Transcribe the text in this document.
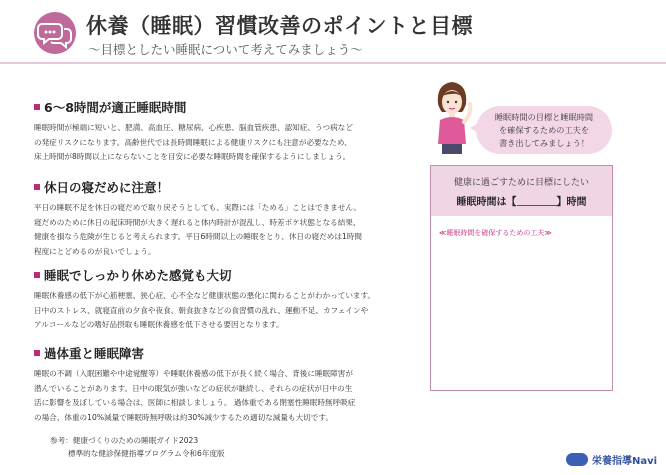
休養（睡眠）習慣改善のポイントと目標
〜目標としたい睡眠について考えてみましょう〜
6〜8時間が適正睡眠時間

睡眠時間が極端に短いと、肥満、高血圧、糖尿病、心疾患、脳血管疾患、認知症、うつ病など

の発症リスクになります。高齢世代では長時間睡眠による健康リスクにも注意が必要なため、

床上時間が8時間以上にならないことを目安に必要な睡眠時間を確保するようにしましょう。

休日の寝だめに注意！

平日の睡眠不足を休日の寝だめで取り戻そうとしても、実際には「ためる」ことはできません。

寝だめのために休日の起床時間が大きく遅れると体内時計が混乱し、時差ボケ状態となる結果、

健康を損なう危険が生じると考えられます。平日6時間以上の睡眠をとり、休日の寝だめは1時間

程度にとどめるのが良いでしょう。

睡眠でしっかり休めた感覚も大切

睡眠休養感の低下が心筋梗塞、狭心症、心不全など健康状態の悪化に関わることがわかっています。

日中のストレス、就寝直前の夕食や夜食、朝食抜きなどの食習慣の乱れ、運動不足、カフェインや

アルコールなどの嗜好品摂取も睡眠休養感を低下させる要因となります。

過体重と睡眠障害

睡眠の不調（入眠困難や中途覚醒等）や睡眠休養感の低下が長く続く場合、背後に睡眠障害が

潜んでいることがあります。日中の眠気が強いなどの症状が継続し、それらの症状が日中の生

活に影響を及ぼしている場合は、医師に相談しましょう。 過体重である閉塞性睡眠時無呼吸症

の場合、体重の10%減量で睡眠時無呼吸は約30%減少するため適切な減量も大切です。

参考：健康づくりのための睡眠ガイド2023
標準的な健診保健指導プログラム令和6年度版
睡眠時間の目標と睡眠時間
を確保するための工夫を
書き出してみましょう！
健康に過ごすために目標にしたい
睡眠時間は【	】時間
≪睡眠時間を確保するための工夫≫
栄養指導Navi
